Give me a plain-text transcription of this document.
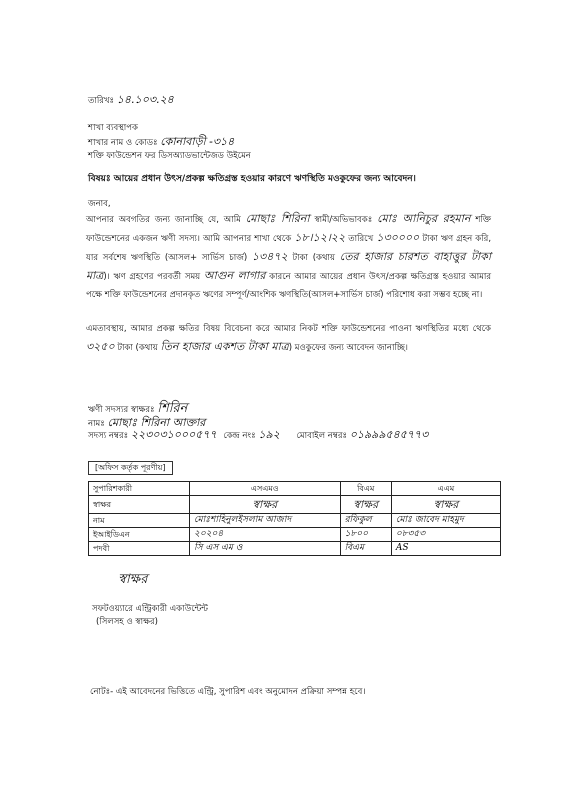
তারিখঃ ১৪.১০৩.২৪
শাখা ব্যবস্থাপক
শাখার নাম ও কোডঃ কোনাবাড়ী -৩১৪
শক্তি ফাউন্ডেশন ফর ডিসঅ্যাডভান্টেজড উইমেন
বিষয়ঃ আয়ের প্রধান উৎস/প্রকল্প ক্ষতিগ্রস্ত হওয়ার কারণে ঋণস্থিতি মওকুফের জন্য আবেদন।
জনাব,
আপনার অবগতির জন্য জানাচ্ছি যে, আমি মোছাঃ শিরিনা স্বামী/অভিভাবকঃ মোঃ আনিচুর রহমান শক্তি ফাউন্ডেশনের একজন ঋণী সদস্য। আমি আপনার শাখা থেকে ১৮।১২।২২ তারিখে ১৩০০০০ টাকা ঋণ গ্রহন করি, যার সর্বশেষ ঋণস্থিতি (আসল+ সার্ভিস চার্জ) ১৩৪৭২ টাকা (কথায় তের হাজার চারশত বাহাত্তুর টাকা মাত্র)। ঋণ গ্রহণের পরবর্তী সময় আগুন লাগার কারনে আমার আয়ের প্রধান উৎস/প্রকল্প ক্ষতিগ্রস্ত হওয়ার আমার পক্ষে শক্তি ফাউন্ডেশনের প্রদানকৃত ঋণের সম্পূর্ণ/আংশিক ঋণস্থিতি(আসল+সার্ভিস চার্জ) পরিশোধ করা সম্ভব হচ্ছে না।
এমতাবস্থায়, আমার প্রকল্প ক্ষতির বিষয় বিবেচনা করে আমার নিকট শক্তি ফাউন্ডেশনের পাওনা ঋণস্থিতির মধ্যে থেকে ৩২৫০ টাকা (কথায় তিন হাজার একশত টাকা মাত্র) মওকুফের জন্য আবেদন জানাচ্ছি।
ঋণী সদস্যর স্বাক্ষরঃ শিরিন
নামঃ মোছাঃ শিরিনা আক্তার
সদস্য নম্বরঃ ২২৩০৩১০০০৫৭৭ কেন্দ্র নংঃ ১৯২ মোবাইল নম্বরঃ ০১৯৯৯৫৪৫৭৭৩
[অফিস কর্তৃক পূরণীয়]
সুপারিশকারী	এসএমও	বিএম	এএম
স্বাক্ষর	স্বাক্ষর	স্বাক্ষর	স্বাক্ষর
নাম	মোঃশাহিনুলইসলাম আজাদ	রফিকুল	মোঃ জাবেদ মাহমুদ
ইআইডিএন	২০২০৪	১৮০০	০৮৩৫৩
পদবী	সি এস এম ও	বিএম	AS
স্বাক্ষর
সফটওয়্যারে এন্ট্রিকারী একাউন্টেন্ট
(সিলসহ ও স্বাক্ষর)
নোটঃ- এই আবেদনের ভিত্তিতে এন্ট্রি, সুপারিশ এবং অনুমোদন প্রক্রিয়া সম্পন্ন হবে।
